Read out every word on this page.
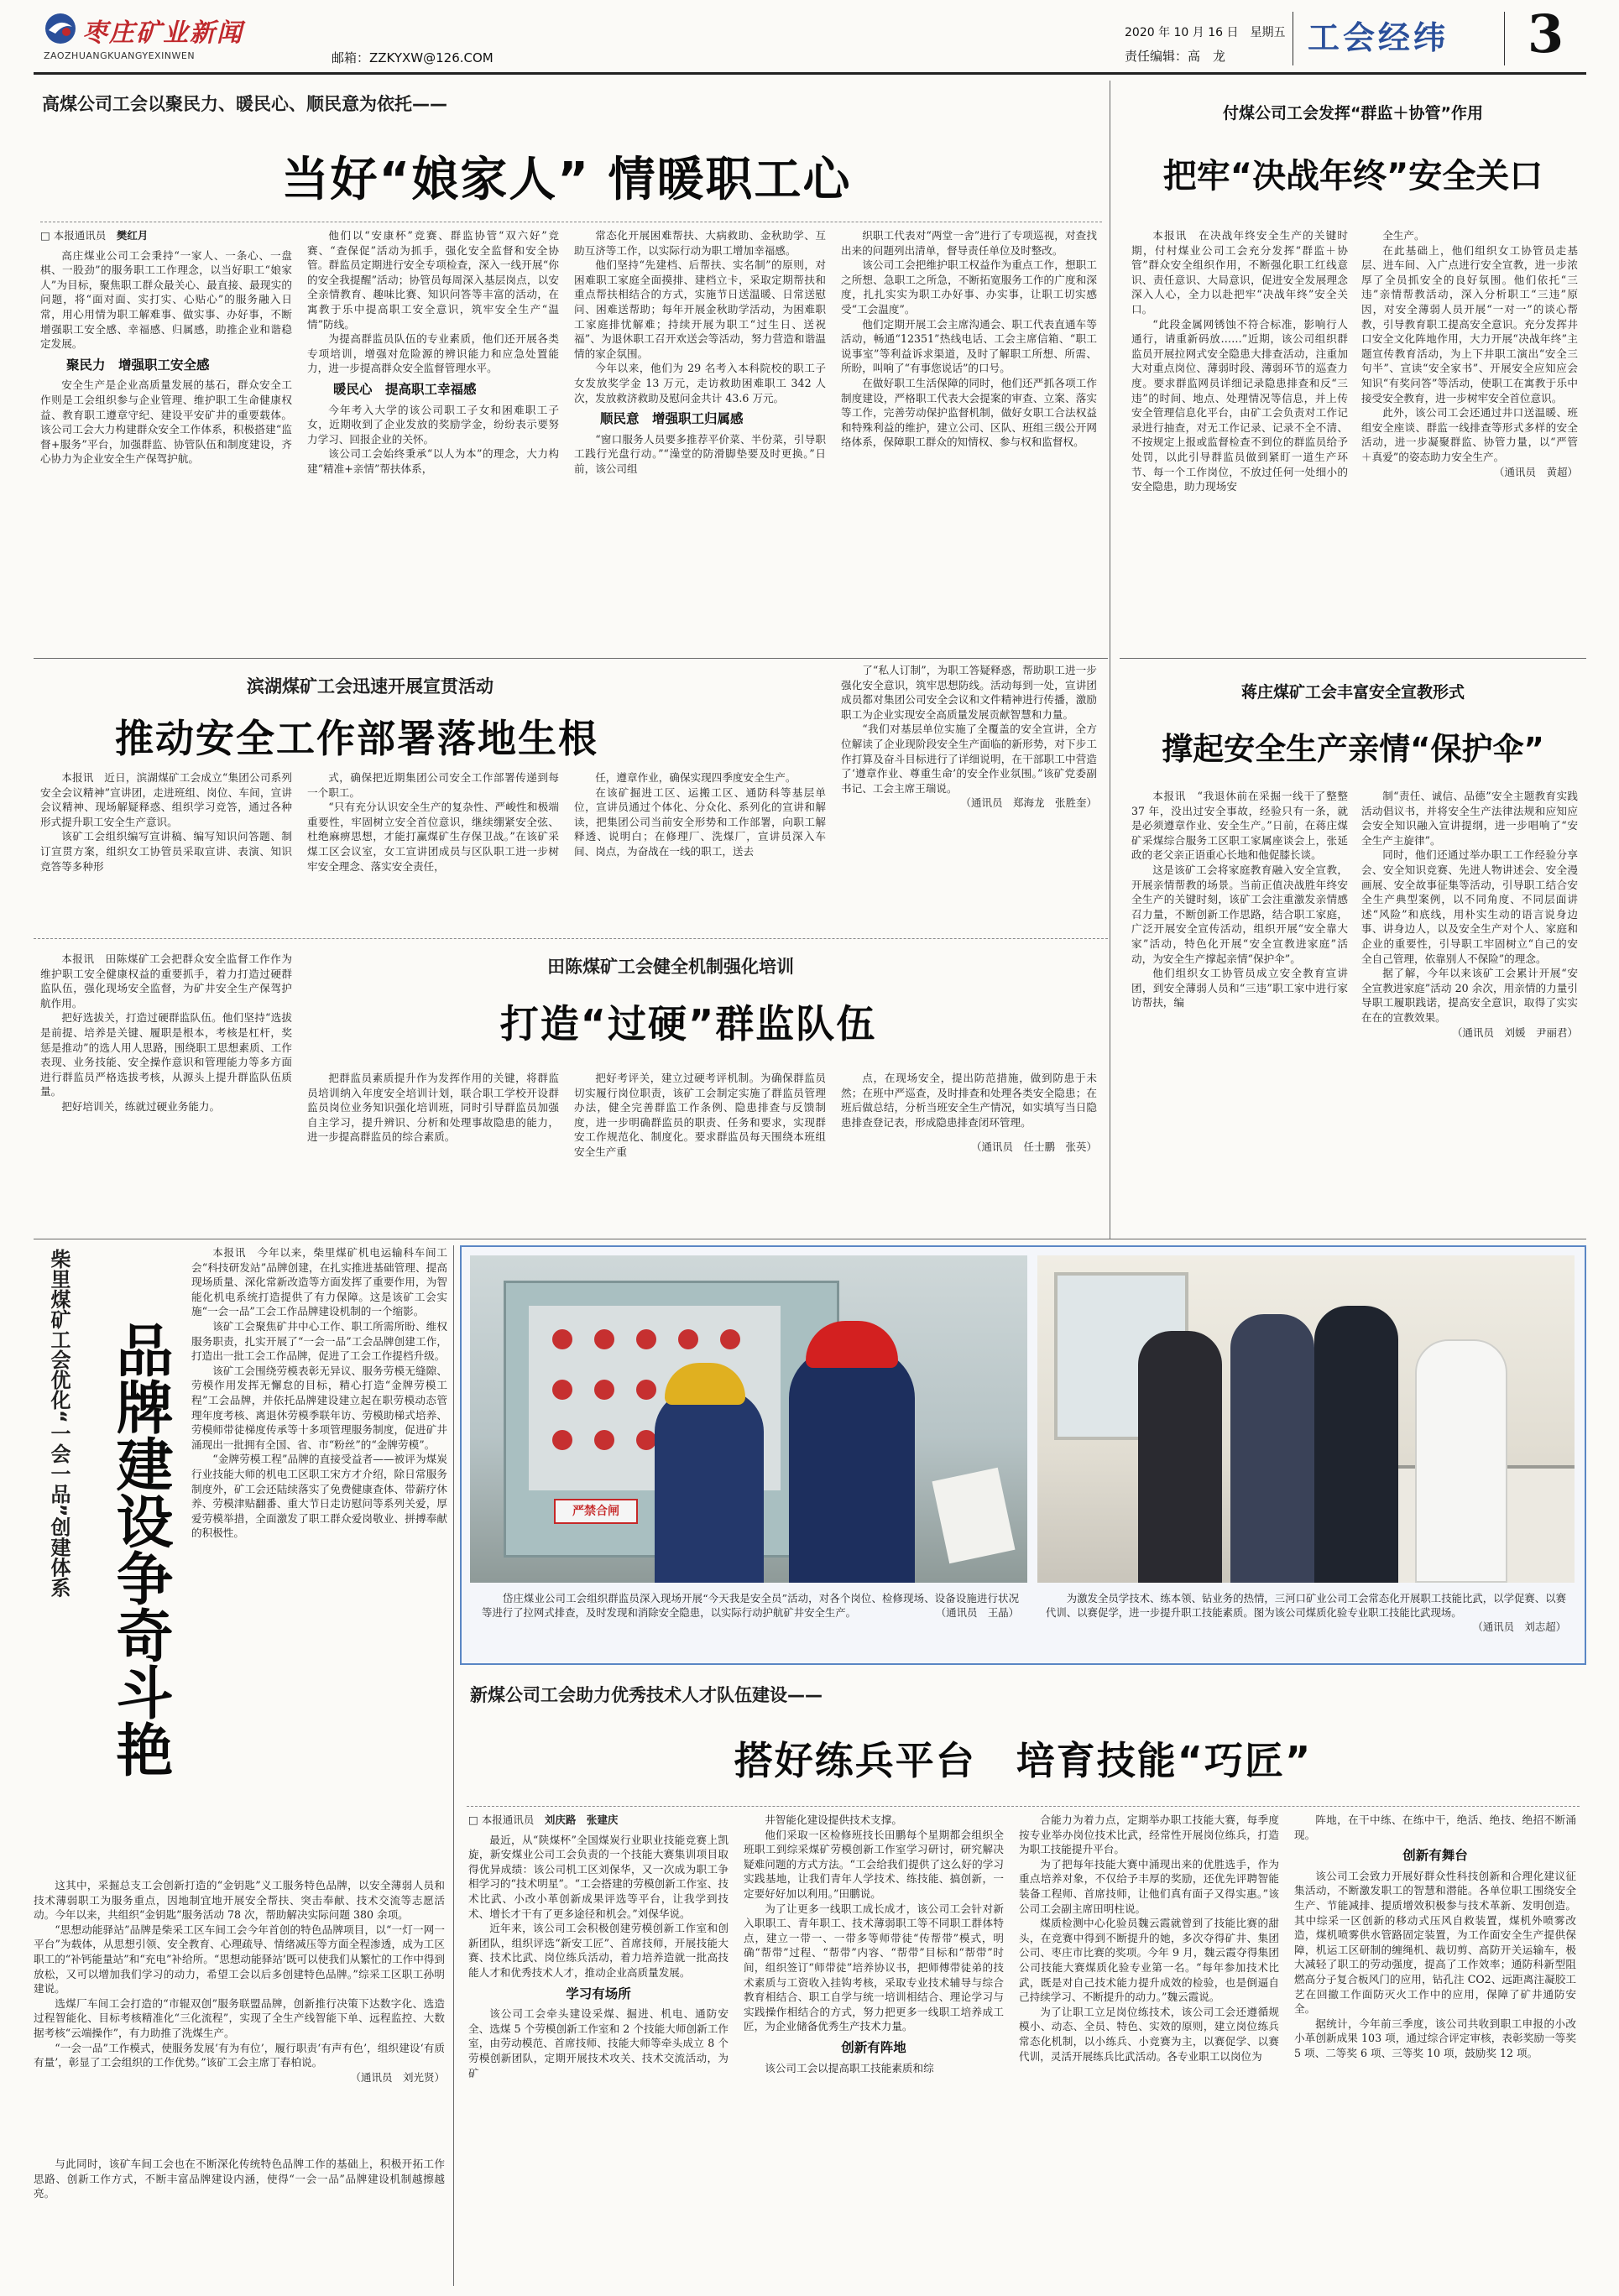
枣庄矿业新闻
ZAOZHUANGKUANGYEXINWEN	邮箱：ZZKYXW@126.COM
2020 年 10 月 16 日　星期五
责任编辑：高　龙	工会经纬 3
高煤公司工会以聚民力、暖民心、顺民意为依托——
当好“娘家人” 情暖职工心
□ 本报通讯员　 樊红月

高庄煤业公司工会秉持“一家人、一条心、一盘棋、一股劲”的服务职工工作理念，以当好职工“娘家人”为目标，聚焦职工群众最关心、最直接、最现实的问题，将“面对面、实打实、心贴心”的服务融入日常，用心用情为职工解难事、做实事、办好事，不断增强职工安全感、幸福感、归属感，助推企业和谐稳定发展。

聚民力　增强职工安全感

安全生产是企业高质量发展的基石，群众安全工作则是工会组织参与企业管理、维护职工生命健康权益、教育职工遵章守纪、建设平安矿井的重要载体。该公司工会大力构建群众安全工作体系，积极搭建“监督+服务”平台，加强群监、协管队伍和制度建设，齐心协力为企业安全生产保驾护航。

他们以“安康杯”竞赛、群监协管“双六好”竞赛、“查保促”活动为抓手，强化安全监督和安全协管。群监员定期进行安全专项检查，深入一线开展“你的安全我提醒”活动；协管员每周深入基层岗点，以安全亲情教育、趣味比赛、知识问答等丰富的活动，在寓教于乐中提高职工安全意识，筑牢安全生产“温情”防线。

为提高群监员队伍的专业素质，他们还开展各类专项培训，增强对危险源的辨识能力和应急处置能力，进一步提高群众安全监督管理水平。

暖民心　提高职工幸福感

今年考入大学的该公司职工子女和困难职工子女，近期收到了企业发放的奖励学金，纷纷表示要努力学习、回报企业的关怀。

该公司工会始终秉承“以人为本”的理念，大力构建“精准+亲情”帮扶体系，

常态化开展困难帮扶、大病救助、金秋助学、互助互济等工作，以实际行动为职工增加幸福感。

他们坚持“先建档、后帮扶、实名制”的原则，对困难职工家庭全面摸排、建档立卡，采取定期帮扶和重点帮扶相结合的方式，实施节日送温暖、日常送慰问、困难送帮助；每年开展金秋助学活动，为困难职工家庭排忧解难；持续开展为职工“过生日、送祝福”、为退休职工召开欢送会等活动，努力营造和谐温情的家企氛围。

今年以来，他们为 29 名考入本科院校的职工子女发放奖学金 13 万元，走访救助困难职工 342 人次，发放救济救助及慰问金共计 43.6 万元。

顺民意　增强职工归属感

“窗口服务人员要多推荐平价菜、半份菜，引导职工践行光盘行动。”“澡堂的防滑脚垫要及时更换。”日前，该公司组

织职工代表对“两堂一舍”进行了专项巡视，对查找出来的问题列出清单，督导责任单位及时整改。

该公司工会把维护职工权益作为重点工作，想职工之所想、急职工之所急，不断拓宽服务工作的广度和深度，扎扎实实为职工办好事、办实事，让职工切实感受“工会温度”。

他们定期开展工会主席沟通会、职工代表直通车等活动，畅通“12351”热线电话、工会主席信箱、“职工说事室”等利益诉求渠道，及时了解职工所想、所需、所盼，叫响了“有事您说话”的口号。

在做好职工生活保障的同时，他们还严抓各项工作制度建设，严格职工代表大会提案的审查、立案、落实等工作，完善劳动保护监督机制，做好女职工合法权益和特殊利益的维护，建立公司、区队、班组三级公开网络体系，保障职工群众的知情权、参与权和监督权。

付煤公司工会发挥“群监＋协管”作用
把牢“决战年终”安全关口

本报讯　在决战年终安全生产的关键时期，付村煤业公司工会充分发挥“群监＋协管”群众安全组织作用，不断强化职工红线意识、责任意识、大局意识，促进安全发展理念深入人心，全力以赴把牢“决战年终”安全关口。

“此段金属网锈蚀不符合标准，影响行人通行，请重新码放……”近期，该公司组织群监员开展拉网式安全隐患大排查活动，注重加大对重点岗位、薄弱时段、薄弱环节的巡查力度。要求群监网员详细记录隐患排查和反“三违”的时间、地点、处理情况等信息，并上传安全管理信息化平台，由矿工会负责对工作记录进行抽查，对无工作记录、记录不全不清、不按规定上报或监督检查不到位的群监员给予处罚，以此引导群监员做到紧盯一道生产环节、每一个工作岗位，不放过任何一处细小的安全隐患，助力现场安

全生产。

在此基础上，他们组织女工协管员走基层、进车间、入广点进行安全宣教，进一步浓厚了全员抓安全的良好氛围。他们依托“三违”亲情帮教活动，深入分析职工“三违”原因，对安全薄弱人员开展“一对一”的谈心帮教，引导教育职工提高安全意识。充分发挥井口安全文化阵地作用，大力开展“决战年终”主题宣传教育活动，为上下井职工演出“安全三句半”、宣读“安全家书”、开展安全应知应会知识“有奖问答”等活动，使职工在寓教于乐中接受安全教育，进一步树牢安全首位意识。

此外，该公司工会还通过井口送温暖、班组安全座谈、群监一线排查等形式多样的安全活动，进一步凝聚群监、协管力量，以“严管＋真爱”的姿态助力安全生产。

（通讯员　黄超）
滨湖煤矿工会迅速开展宣贯活动
推动安全工作部署落地生根

本报讯　近日，滨湖煤矿工会成立“集团公司系列安全会议精神”宣讲团，走进班组、岗位、车间，宣讲会议精神、现场解疑释惑、组织学习竞答，通过各种形式提升职工安全生产意识。

该矿工会组织编写宣讲稿、编写知识问答题、制订宣贯方案，组织女工协管员采取宣讲、表演、知识竞答等多种形

式，确保把近期集团公司安全工作部署传递到每一个职工。

“只有充分认识安全生产的复杂性、严峻性和极端重要性，牢固树立安全首位意识，继续绷紧安全弦、杜绝麻痹思想，才能打赢煤矿生存保卫战。”在该矿采煤工区会议室，女工宣讲团成员与区队职工进一步树牢安全理念、落实安全责任，

任，遵章作业，确保实现四季度安全生产。

在该矿掘进工区、运搬工区、通防科等基层单位，宣讲员通过个体化、分众化、系列化的宣讲和解读，把集团公司当前安全形势和工作部署，向职工解释透、说明白；在修理厂、洗煤厂，宣讲员深入车间、岗点，为奋战在一线的职工，送去

了“私人订制”，为职工答疑释惑，帮助职工进一步强化安全意识，筑牢思想防线。活动每到一处，宣讲团成员都对集团公司安全会议和文件精神进行传播，激励职工为企业实现安全高质量发展贡献智慧和力量。

“我们对基层单位实施了全覆盖的安全宣讲，全方位解读了企业现阶段安全生产面临的新形势，对下步工作打算及奋斗目标进行了详细说明，在干部职工中营造了‘遵章作业、尊重生命’的安全作业氛围。”该矿党委副书记、工会主席王瑞说。

（通讯员　郑海龙　张胜奎）
蒋庄煤矿工会丰富安全宣教形式
撑起安全生产亲情“保护伞”

本报讯　“我退休前在采掘一线干了整整 37 年，没出过安全事故，经验只有一条，就是必须遵章作业、安全生产。”日前，在蒋庄煤矿采煤综合服务工区职工家属座谈会上，张延政的老父亲正语重心长地和他促膝长谈。

这是该矿工会将家庭教育融入安全宣教，开展亲情帮教的场景。当前正值决战胜年终安全生产的关键时刻，该矿工会注重激发亲情感召力量，不断创新工作思路，结合职工家庭，广泛开展安全宣传活动，组织开展“安全靠大家”活动，特色化开展“安全宣教进家庭”活动，为安全生产撑起亲情“保护伞”。

他们组织女工协管员成立安全教育宣讲团，到安全薄弱人员和“三违”职工家中进行家访帮扶，编

制“责任、诚信、品德”安全主题教育实践活动倡议书，并将安全生产法律法规和应知应会安全知识融入宣讲提纲，进一步唱响了“安全生产主旋律”。

同时，他们还通过举办职工工作经验分享会、安全知识竞赛、先进人物讲述会、安全漫画展、安全故事征集等活动，引导职工结合安全生产典型案例，以不同角度、不同层面讲述“风险”和底线，用朴实生动的语言说身边事、讲身边人，以及安全生产对个人、家庭和企业的重要性，引导职工牢固树立“自己的安全自己管理，依靠别人不保险”的理念。

据了解，今年以来该矿工会累计开展“安全宣教进家庭”活动 20 余次，用亲情的力量引导职工履职践诺，提高安全意识，取得了实实在在的宣教效果。

（通讯员　刘媛　尹丽君）
田陈煤矿工会健全机制强化培训
打造“过硬”群监队伍

本报讯　田陈煤矿工会把群众安全监督工作作为维护职工安全健康权益的重要抓手，着力打造过硬群监队伍，强化现场安全监督，为矿井安全生产保驾护航作用。

把好选拔关，打造过硬群监队伍。他们坚持“选拔是前提、培养是关键、履职是根本，考核是杠杆，奖惩是推动”的选人用人思路，围绕职工思想素质、工作表现、业务技能、安全操作意识和管理能力等多方面进行群监员严格选拔考核，从源头上提升群监队伍质量。

把好培训关，练就过硬业务能力。

把群监员素质提升作为发挥作用的关键，将群监员培训纳入年度安全培训计划，联合职工学校开设群监员岗位业务知识强化培训班，同时引导群监员加强自主学习，提升辨识、分析和处理事故隐患的能力，进一步提高群监员的综合素质。

把好考评关，建立过硬考评机制。为确保群监员切实履行岗位职责，该矿工会制定实施了群监员管理办法，健全完善群监工作条例、隐患排查与反馈制度，进一步明确群监员的职责、任务和要求，实现群安工作规范化、制度化。要求群监员每天围绕本班组安全生产重

点，在现场安全，提出防范措施，做到防患于未然；在班中严巡查，及时排查和处理各类安全隐患；在班后做总结，分析当班安全生产情况，如实填写当日隐患排查登记表，形成隐患排查闭环管理。

（通讯员　任士鹏　张英）
柴里煤矿工会优化“一会一品”创建体系 品牌建设争奇斗艳

本报讯　今年以来，柴里煤矿机电运输科车间工会“科技研发站”品牌创建，在扎实推进基础管理、提高现场质量、深化常新改造等方面发挥了重要作用，为智能化机电系统打造提供了有力保障。这是该矿工会实施“一会一品”工会工作品牌建设机制的一个缩影。

该矿工会聚焦矿井中心工作、职工所需所盼、维权服务职责，扎实开展了“一会一品”工会品牌创建工作，打造出一批工会工作品牌，促进了工会工作提档升级。

该矿工会围绕劳模表彰无异议、服务劳模无缝隙、劳模作用发挥无懈怠的目标，精心打造“金牌劳模工程”工会品牌，并依托品牌建设建立起在职劳模动态管理年度考核、离退休劳模季联年访、劳模助梯式培养、劳模师带徒梯度传承等十多项管理服务制度，促进矿井涌现出一批拥有全国、省、市“粉丝”的“金牌劳模”。

“金牌劳模工程”品牌的直接受益者——被评为煤炭行业技能大师的机电工区职工宋方才介绍，除日常服务制度外，矿工会还陆续落实了免费健康查体、带薪疗休养、劳模津贴翻番、重大节日走访慰问等系列关爱，厚爱劳模举措，全面激发了职工群众爱岗敬业、拼搏奉献的积极性。

与此同时，该矿车间工会也在不断深化传统特色品牌工作的基础上，积极开拓工作思路、创新工作方式，不断丰富品牌建设内涵，使得“一会一品”品牌建设机制越擦越亮。

这其中，采掘总支工会创新打造的“金钥匙”义工服务特色品牌，以安全薄弱人员和技术薄弱职工为服务重点，因地制宜地开展安全帮扶、突击奉献、技术交流等志愿活动。今年以来，共组织“金钥匙”服务活动 78 次，帮助解决实际问题 380 余项。

“思想动能驿站”品牌是柴采工区车间工会今年首创的特色品牌项目，以“一灯一网一平台”为载体，从思想引领、安全教育、心理疏导、情绪减压等方面全程渗透，成为工区职工的“补钙能量站”和“充电”补给所。“思想动能驿站’既可以使我们从繁忙的工作中得到放松，又可以增加我们学习的动力，希望工会以后多创建特色品牌。”综采工区职工孙明建说。

选煤厂车间工会打造的“市辊双创”服务联盟品牌，创新推行决策下达数字化、选造过程智能化、目标考核精准化“三化流程”，实现了全生产线智能下单、远程监控、大数据考核“云端操作”，有力助推了洗煤生产。

“一会一品”工作模式，使服务发展‘有为有位’，履行职责‘有声有色’，组织建设‘有质有量’，彰显了工会组织的工作优势。”该矿工会主席丁春柏说。

（通讯员　刘光贤）
严禁合闸
岱庄煤业公司工会组织群监员深入现场开展“今天我是安全员”活动，对各个岗位、检修现场、设备设施进行状况等进行了拉网式排查，及时发现和消除安全隐患，以实际行动护航矿井安全生产。	（通讯员　王晶）
为激发全员学技术、练本领、钻业务的热情，三河口矿业公司工会常态化开展职工技能比武，以学促赛、以赛代训、以赛促学，进一步提升职工技能素质。图为该公司煤质化验专业职工技能比武现场。
（通讯员　刘志超）
新煤公司工会助力优秀技术人才队伍建设——
搭好练兵平台　培育技能“巧匠”
□ 本报通讯员　 刘庆路　张建庆

最近，从“陕煤杯”全国煤炭行业职业技能竞赛上凯旋，新安煤业公司工会负责的一个技能大赛集训项目取得优异成绩：该公司机工区刘保华，又一次成为职工争相学习的“技术明星”。“工会搭建的劳模创新工作室、技术比武、小改小革创新成果评选等平台，让我学到技术、增长才干有了更多途径和机会。”刘保华说。

近年来，该公司工会积极创建劳模创新工作室和创新团队，组织评选“新安工匠”、首席技师，开展技能大赛、技术比武、岗位练兵活动，着力培养造就一批高技能人才和优秀技术人才，推动企业高质量发展。

学习有场所

该公司工会牵头建设采煤、掘进、机电、通防安全、选煤 5 个劳模创新工作室和 2 个技能大师创新工作室，由劳动模范、首席技师、技能大师等牵头成立 8 个劳模创新团队，定期开展技术攻关、技术交流活动，为矿

井智能化建设提供技术支撑。

他们采取一区检修班技长田鹏每个星期都会组织全班职工到综采煤矿劳模创新工作室学习研讨，研究解决疑难问题的方式方法。“工会给我们提供了这么好的学习实践基地，让我们青年人学技术、练技能、搞创新，一定要好好加以利用。”田鹏说。

为了让更多一线职工成长成才，该公司工会针对新入职职工、青年职工、技术薄弱职工等不同职工群体特点，建立一带一、一带多等师带徒“传帮带”模式，明确“帮带”过程、“帮带”内容、“帮带”目标和“帮带”时间，组织签订“师带徒”培养协议书，把师傅带徒弟的技术素质与工资收入挂钩考核，采取专业技术辅导与综合教育相结合、职工自学与统一培训相结合、理论学习与实践操作相结合的方式，努力把更多一线职工培养成工匠，为企业储备优秀生产技术力量。

创新有阵地

该公司工会以提高职工技能素质和综

合能力为着力点，定期举办职工技能大赛，每季度按专业举办岗位技术比武，经常性开展岗位练兵，打造为职工技能提升平台。

为了把每年技能大赛中涌现出来的优胜选手，作为重点培养对象，不仅给予丰厚的奖励，还优先评聘智能装备工程师、首席技师，让他们真有面子又得实惠。”该公司工会副主席田明柱说。

煤质检测中心化验员魏云霞就曾到了技能比赛的甜头，在竞赛中得到不断提升的她，多次夺得矿井、集团公司、枣庄市比赛的奖项。今年 9 月，魏云霞夺得集团公司技能大赛煤质化验专业第一名。“每年参加技术比武，既是对自己技术能力提升成效的检验，也是倒逼自己持续学习、不断提升的动力。”魏云霞说。

为了让职工立足岗位练技术，该公司工会还遵循规模小、动态、全员、特色、实效的原则，建立岗位练兵常态化机制，以小练兵、小竞赛为主，以赛促学、以赛代训，灵活开展练兵比武活动。各专业职工以岗位为

阵地，在干中练、在练中干，绝活、绝技、绝招不断涌现。

创新有舞台

该公司工会致力开展好群众性科技创新和合理化建议征集活动，不断激发职工的智慧和潜能。各单位职工围绕安全生产、节能减排、提质增效积极参与技术革新、发明创造。其中综采一区创新的移动式压风自救装置，煤机外喷雾改造，煤机喷雾供水管路固定装置，为工作面安全生产提供保障，机运工区研制的缠绳机、裁切剪、高防开关运输车，极大减轻了职工的劳动强度，提高了工作效率；通防科新型阻燃高分子复合板风门的应用，钻孔注 CO2、远距离注凝胶工艺在回撤工作面防灭火工作中的应用，保障了矿井通防安全。

据统计，今年前三季度，该公司共收到职工申报的小改小革创新成果 103 项，通过综合评定审核，表彰奖励一等奖 5 项、二等奖 6 项、三等奖 10 项，鼓励奖 12 项。
